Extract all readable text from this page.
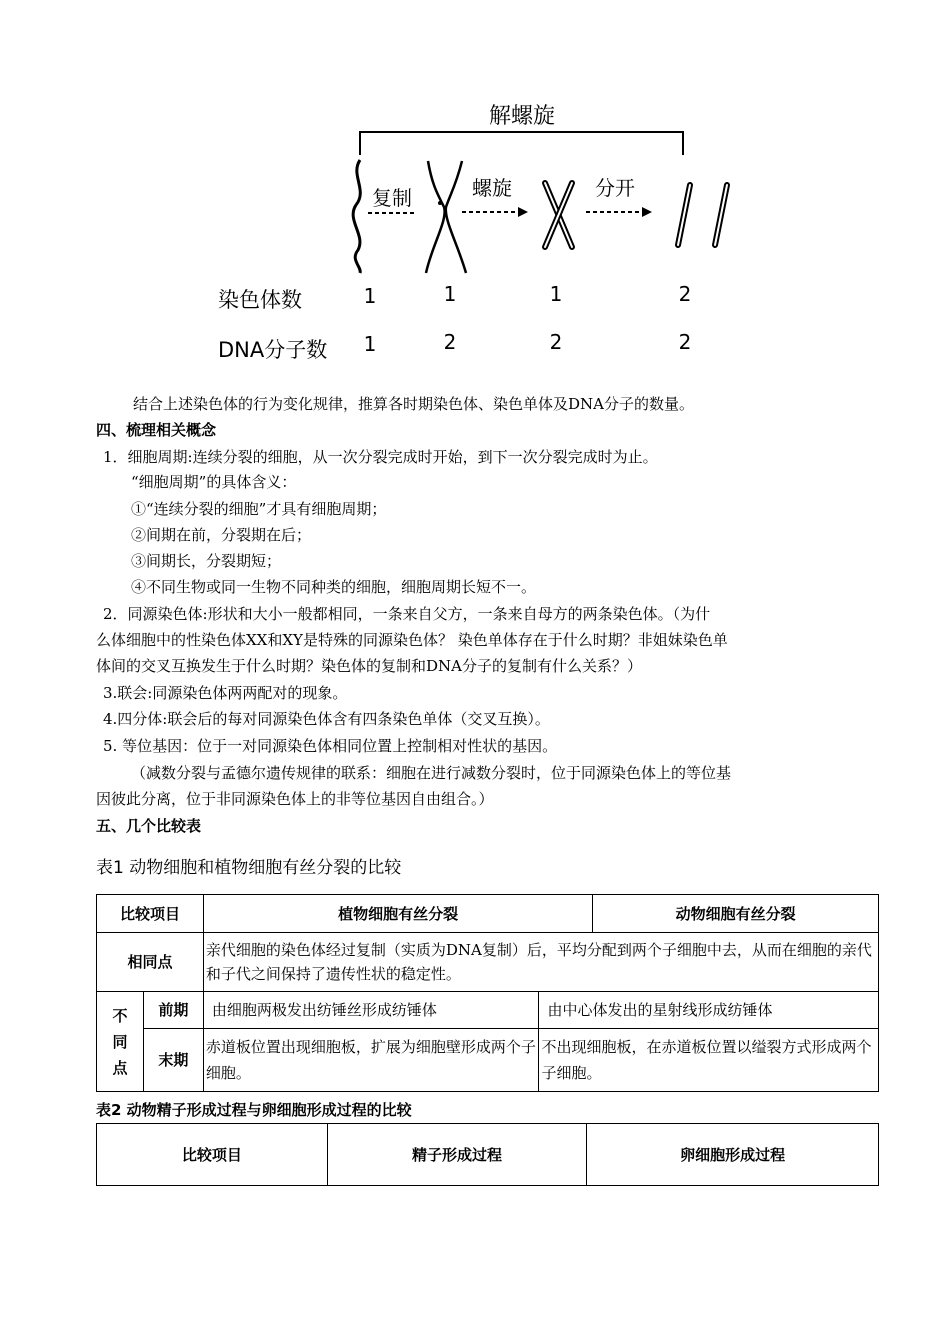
解螺旋
复制	螺旋	分开
染色体数
DNA分子数
1	1	1	2
1	2	2	2
结合上述染色体的行为变化规律，推算各时期染色体、染色单体及DNA分子的数量。
四、梳理相关概念
1．细胞周期:连续分裂的细胞，从一次分裂完成时开始，到下一次分裂完成时为止。
“细胞周期”的具体含义：
①“连续分裂的细胞”才具有细胞周期；
②间期在前，分裂期在后；
③间期长，分裂期短；
④不同生物或同一生物不同种类的细胞，细胞周期长短不一。
2．同源染色体:形状和大小一般都相同，一条来自父方，一条来自母方的两条染色体。（为什
么体细胞中的性染色体XX和XY是特殊的同源染色体？ 染色单体存在于什么时期？非姐妹染色单
体间的交叉互换发生于什么时期？染色体的复制和DNA分子的复制有什么关系？）
3.联会:同源染色体两两配对的现象。
4.四分体:联会后的每对同源染色体含有四条染色单体（交叉互换）。
5. 等位基因：位于一对同源染色体相同位置上控制相对性状的基因。
（减数分裂与孟德尔遗传规律的联系：细胞在进行减数分裂时，位于同源染色体上的等位基
因彼此分离，位于非同源染色体上的非等位基因自由组合。）
五、几个比较表
表1 动物细胞和植物细胞有丝分裂的比较
比较项目		植物细胞有丝分裂		动物细胞有丝分裂
相同点		亲代细胞的染色体经过复制（实质为DNA复制）后，平均分配到两个子细胞中去，从而在细胞的亲代和子代之间保持了遗传性状的稳定性。		

不
同
点	前期	由细胞两极发出纺锤丝形成纺锤体	由中心体发出的星射线形成纺锤体	
	末期	赤道板位置出现细胞板，扩展为细胞壁形成两个子细胞。	不出现细胞板，在赤道板位置以缢裂方式形成两个子细胞。	
表2 动物精子形成过程与卵细胞形成过程的比较
比较项目	精子形成过程	卵细胞形成过程
